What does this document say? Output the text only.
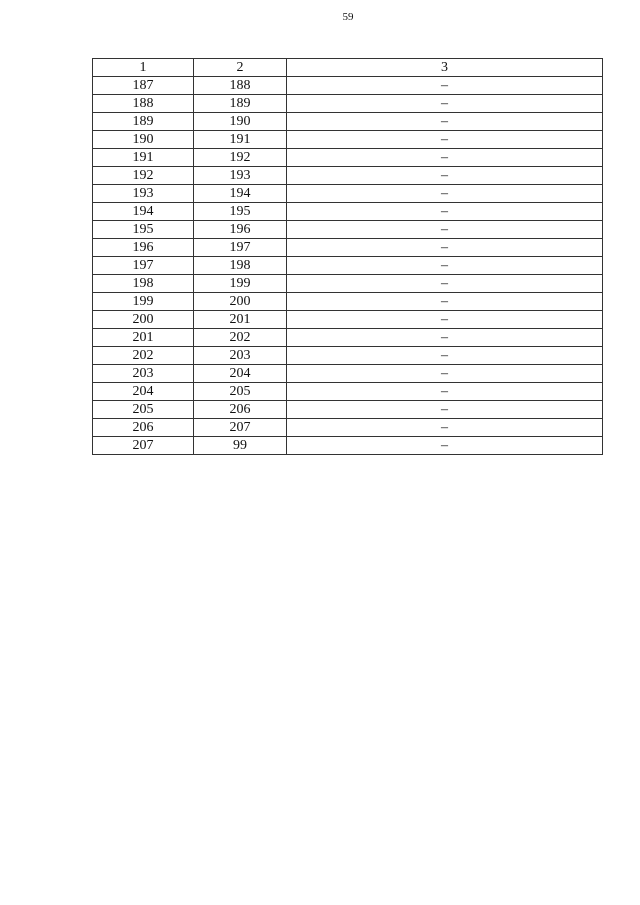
59
1	2	3
187	188	–
188	189	–
189	190	–
190	191	–
191	192	–
192	193	–
193	194	–
194	195	–
195	196	–
196	197	–
197	198	–
198	199	–
199	200	–
200	201	–
201	202	–
202	203	–
203	204	–
204	205	–
205	206	–
206	207	–
207	99	–
